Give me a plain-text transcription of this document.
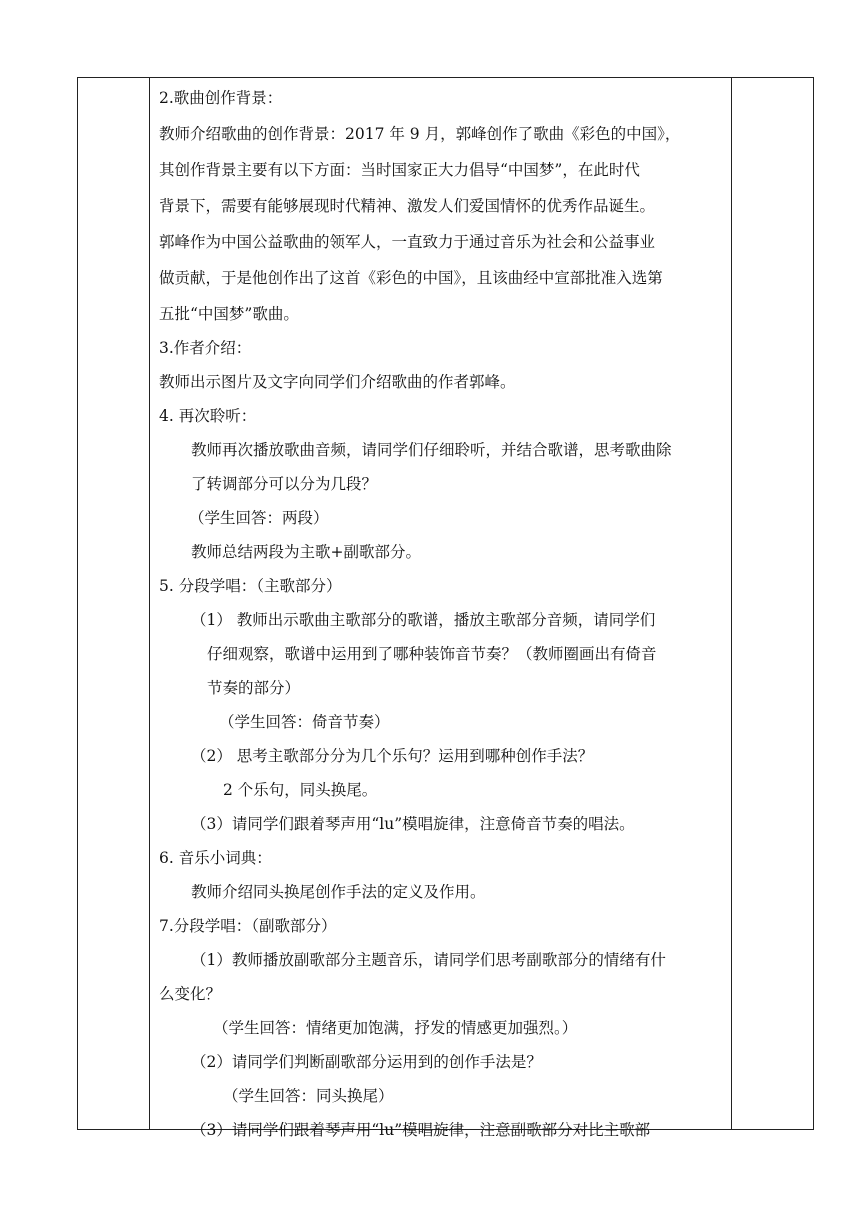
2.歌曲创作背景：
教师介绍歌曲的创作背景：2017 年 9 月，郭峰创作了歌曲《彩色的中国》，
其创作背景主要有以下方面：当时国家正大力倡导“中国梦”，在此时代
背景下，需要有能够展现时代精神、激发人们爱国情怀的优秀作品诞生。
郭峰作为中国公益歌曲的领军人，一直致力于通过音乐为社会和公益事业
做贡献，于是他创作出了这首《彩色的中国》，且该曲经中宣部批准入选第
五批“中国梦”歌曲。
3.作者介绍：
教师出示图片及文字向同学们介绍歌曲的作者郭峰。
4. 再次聆听：
教师再次播放歌曲音频，请同学们仔细聆听，并结合歌谱，思考歌曲除
了转调部分可以分为几段？
（学生回答：两段）
教师总结两段为主歌+副歌部分。
5. 分段学唱：（主歌部分）
（1） 教师出示歌曲主歌部分的歌谱，播放主歌部分音频，请同学们
仔细观察，歌谱中运用到了哪种装饰音节奏？（教师圈画出有倚音
节奏的部分）
（学生回答：倚音节奏）
（2） 思考主歌部分分为几个乐句？运用到哪种创作手法？
2 个乐句，同头换尾。
（3）请同学们跟着琴声用“lu”模唱旋律，注意倚音节奏的唱法。
6. 音乐小词典：
教师介绍同头换尾创作手法的定义及作用。
7.分段学唱：（副歌部分）
（1）教师播放副歌部分主题音乐，请同学们思考副歌部分的情绪有什
么变化？
（学生回答：情绪更加饱满，抒发的情感更加强烈。）
（2）请同学们判断副歌部分运用到的创作手法是？
（学生回答：同头换尾）
（3）请同学们跟着琴声用“lu”模唱旋律，注意副歌部分对比主歌部
